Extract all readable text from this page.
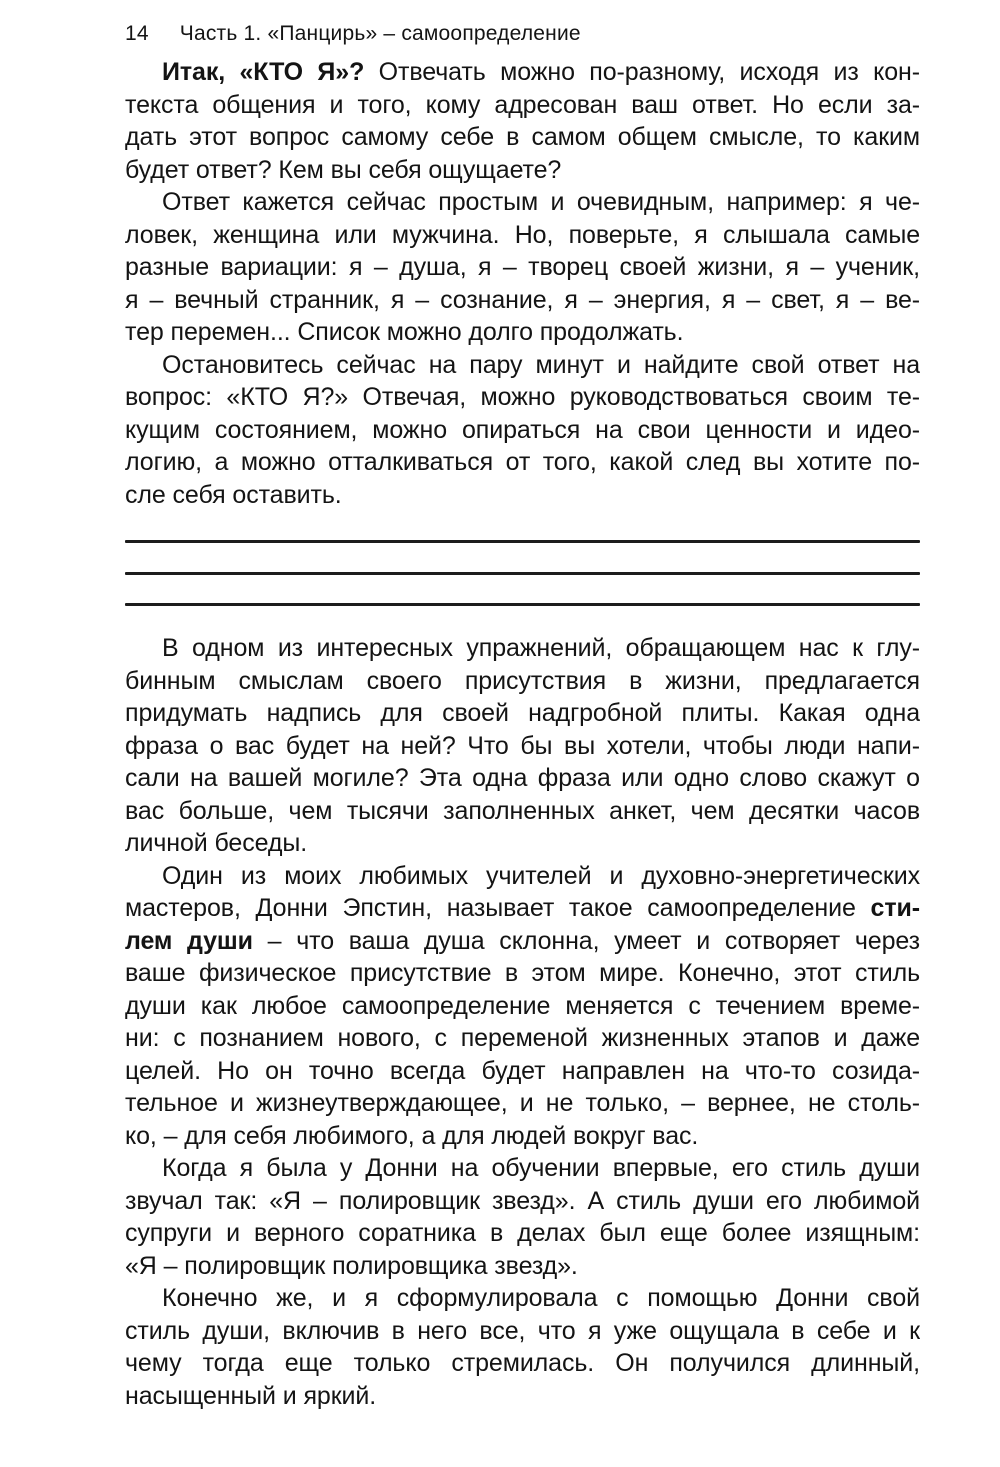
14 Часть 1. «Панцирь» – самоопределение
Итак, «КТО Я»? Отвечать можно по-разному, исходя из кон-
текста общения и того, кому адресован ваш ответ. Но если за-
дать этот вопрос самому себе в самом общем смысле, то каким
будет ответ? Кем вы себя ощущаете?
Ответ кажется сейчас простым и очевидным, например: я че-
ловек, женщина или мужчина. Но, поверьте, я слышала самые
разные вариации: я – душа, я – творец своей жизни, я – ученик,
я – вечный странник, я – сознание, я – энергия, я – свет, я – ве-
тер перемен... Список можно долго продолжать.
Остановитесь сейчас на пару минут и найдите свой ответ на
вопрос: «КТО Я?» Отвечая, можно руководствоваться своим те-
кущим состоянием, можно опираться на свои ценности и идео-
логию, а можно отталкиваться от того, какой след вы хотите по-
сле себя оставить.
В одном из интересных упражнений, обращающем нас к глу-
бинным смыслам своего присутствия в жизни, предлагается
придумать надпись для своей надгробной плиты. Какая одна
фраза о вас будет на ней? Что бы вы хотели, чтобы люди напи-
сали на вашей могиле? Эта одна фраза или одно слово скажут о
вас больше, чем тысячи заполненных анкет, чем десятки часов
личной беседы.
Один из моих любимых учителей и духовно-энергетических
мастеров, Донни Эпстин, называет такое самоопределение сти-
лем души – что ваша душа склонна, умеет и сотворяет через
ваше физическое присутствие в этом мире. Конечно, этот стиль
души как любое самоопределение меняется с течением време-
ни: с познанием нового, с переменой жизненных этапов и даже
целей. Но он точно всегда будет направлен на что-то созида-
тельное и жизнеутверждающее, и не только, – вернее, не столь-
ко, – для себя любимого, а для людей вокруг вас.
Когда я была у Донни на обучении впервые, его стиль души
звучал так: «Я – полировщик звезд». А стиль души его любимой
супруги и верного соратника в делах был еще более изящным:
«Я – полировщик полировщика звезд».
Конечно же, и я сформулировала с помощью Донни свой
стиль души, включив в него все, что я уже ощущала в себе и к
чему тогда еще только стремилась. Он получился длинный,
насыщенный и яркий.
